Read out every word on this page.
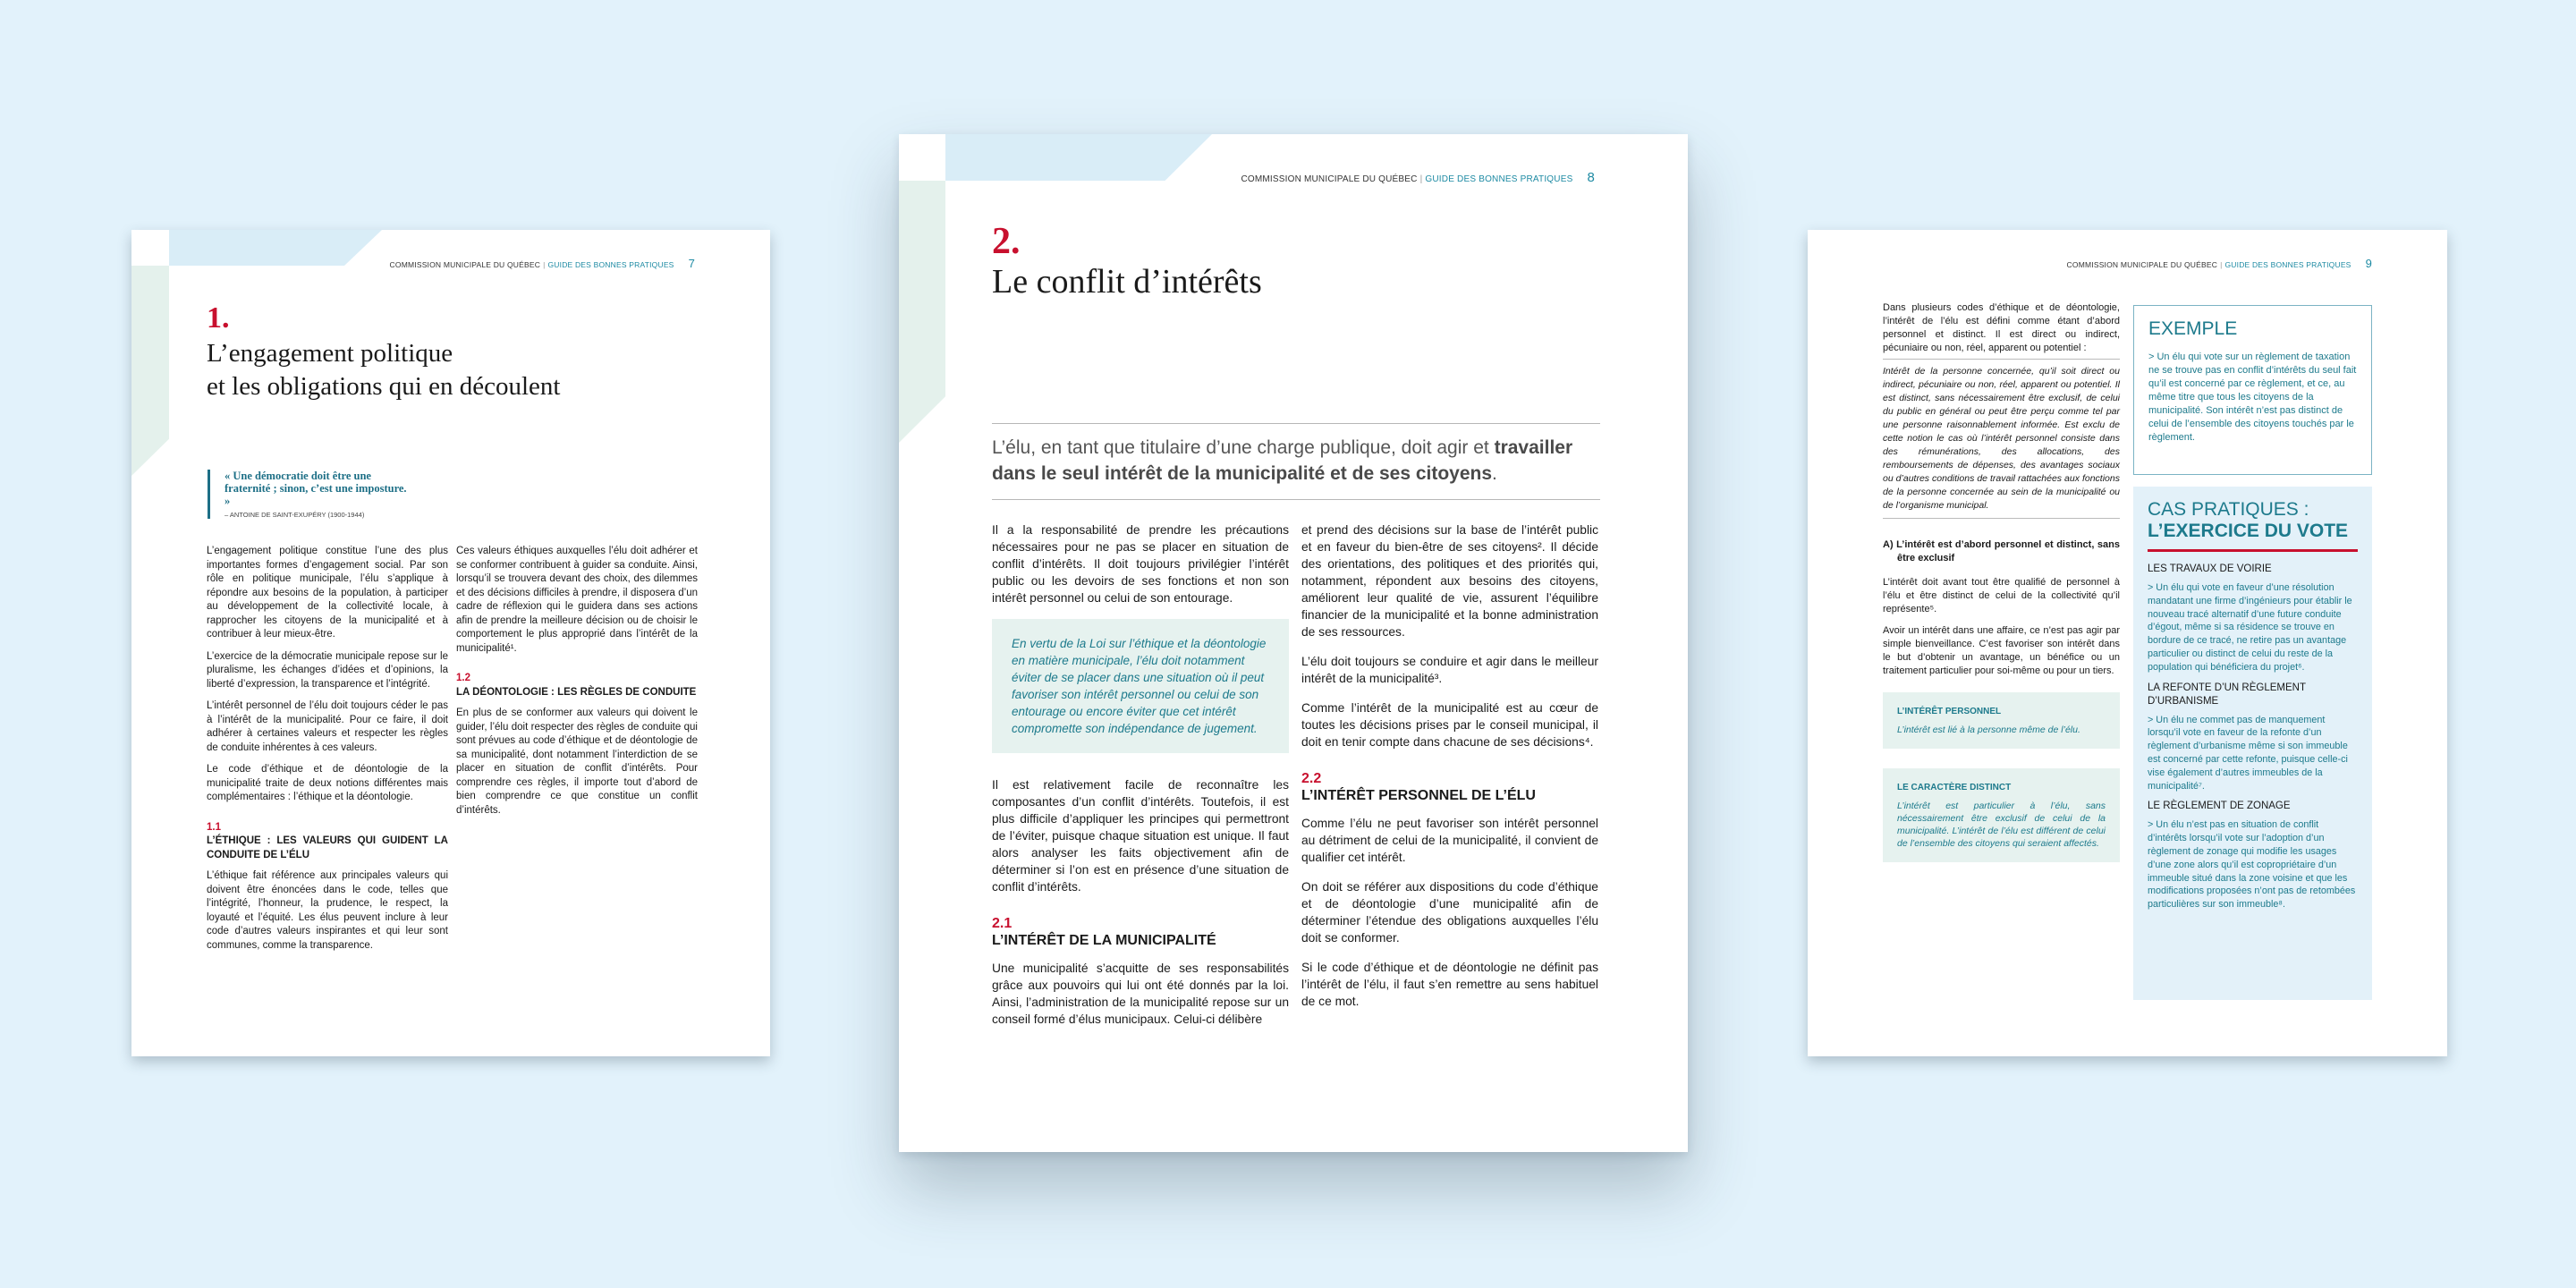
COMMISSION MUNICIPALE DU QUÉBEC | GUIDE DES BONNES PRATIQUES 7
1.
L’engagement politique
et les obligations qui en découlent
« Une démocratie doit être une fraternité ; sinon, c’est une imposture. »
– ANTOINE DE SAINT-EXUPÉRY (1900-1944)

L’engagement politique constitue l’une des plus importantes formes d’engagement social. Par son rôle en politique municipale, l’élu s’applique à répondre aux besoins de la population, à participer au développement de la collectivité locale, à rapprocher les citoyens de la municipalité et à contribuer à leur mieux-être.

L’exercice de la démocratie municipale repose sur le pluralisme, les échanges d’idées et d’opinions, la liberté d’expression, la transparence et l’intégrité.

L’intérêt personnel de l’élu doit toujours céder le pas à l’intérêt de la municipalité. Pour ce faire, il doit adhérer à certaines valeurs et respecter les règles de conduite inhérentes à ces valeurs.

Le code d’éthique et de déontologie de la municipalité traite de deux notions différentes mais complémentaires : l’éthique et la déontologie.

1.1
L’ÉTHIQUE : LES VALEURS QUI GUIDENT LA CONDUITE DE L’ÉLU

L’éthique fait référence aux principales valeurs qui doivent être énoncées dans le code, telles que l’intégrité, l’honneur, la prudence, le respect, la loyauté et l’équité. Les élus peuvent inclure à leur code d’autres valeurs inspirantes et qui leur sont communes, comme la transparence.

Ces valeurs éthiques auxquelles l’élu doit adhérer et se conformer contribuent à guider sa conduite. Ainsi, lorsqu’il se trouvera devant des choix, des dilemmes et des décisions difficiles à prendre, il disposera d’un cadre de réflexion qui le guidera dans ses actions afin de prendre la meilleure décision ou de choisir le comportement le plus approprié dans l’intérêt de la municipalité¹.

1.2
LA DÉONTOLOGIE : LES RÈGLES DE CONDUITE

En plus de se conformer aux valeurs qui doivent le guider, l’élu doit respecter des règles de conduite qui sont prévues au code d’éthique et de déontologie de sa municipalité, dont notamment l’interdiction de se placer en situation de conflit d’intérêts. Pour comprendre ces règles, il importe tout d’abord de bien comprendre ce que constitue un conflit d’intérêts.

COMMISSION MUNICIPALE DU QUÉBEC | GUIDE DES BONNES PRATIQUES 8
2.
Le conflit d’intérêts
L’élu, en tant que titulaire d’une charge publique, doit agir et travailler dans le seul intérêt de la municipalité et de ses citoyens.

Il a la responsabilité de prendre les précautions nécessaires pour ne pas se placer en situation de conflit d’intérêts. Il doit toujours privilégier l’intérêt public ou les devoirs de ses fonctions et non son intérêt personnel ou celui de son entourage.

En vertu de la Loi sur l’éthique et la déontologie en matière municipale, l’élu doit notamment éviter de se placer dans une situation où il peut favoriser son intérêt personnel ou celui de son entourage ou encore éviter que cet intérêt compromette son indépendance de jugement.

Il est relativement facile de reconnaître les composantes d’un conflit d’intérêts. Toutefois, il est plus difficile d’appliquer les principes qui permettront de l’éviter, puisque chaque situation est unique. Il faut alors analyser les faits objectivement afin de déterminer si l’on est en présence d’une situation de conflit d’intérêts.

2.1
L’INTÉRÊT DE LA MUNICIPALITÉ

Une municipalité s’acquitte de ses responsabilités grâce aux pouvoirs qui lui ont été donnés par la loi. Ainsi, l’administration de la municipalité repose sur un conseil formé d’élus municipaux. Celui-ci délibère

et prend des décisions sur la base de l’intérêt public et en faveur du bien-être de ses citoyens². Il décide des orientations, des politiques et des priorités qui, notamment, répondent aux besoins des citoyens, améliorent leur qualité de vie, assurent l’équilibre financier de la municipalité et la bonne administration de ses ressources.

L’élu doit toujours se conduire et agir dans le meilleur intérêt de la municipalité³.

Comme l’intérêt de la municipalité est au cœur de toutes les décisions prises par le conseil municipal, il doit en tenir compte dans chacune de ses décisions⁴.

2.2
L’INTÉRÊT PERSONNEL DE L’ÉLU

Comme l’élu ne peut favoriser son intérêt personnel au détriment de celui de la municipalité, il convient de qualifier cet intérêt.

On doit se référer aux dispositions du code d’éthique et de déontologie d’une municipalité afin de déterminer l’étendue des obligations auxquelles l’élu doit se conformer.

Si le code d’éthique et de déontologie ne définit pas l’intérêt de l’élu, il faut s’en remettre au sens habituel de ce mot.

COMMISSION MUNICIPALE DU QUÉBEC | GUIDE DES BONNES PRATIQUES 9

Dans plusieurs codes d’éthique et de déontologie, l’intérêt de l’élu est défini comme étant d’abord personnel et distinct. Il est direct ou indirect, pécuniaire ou non, réel, apparent ou potentiel :

Intérêt de la personne concernée, qu’il soit direct ou indirect, pécuniaire ou non, réel, apparent ou potentiel. Il est distinct, sans nécessairement être exclusif, de celui du public en général ou peut être perçu comme tel par une personne raisonnablement informée. Est exclu de cette notion le cas où l’intérêt personnel consiste dans des rémunérations, des allocations, des remboursements de dépenses, des avantages sociaux ou d’autres conditions de travail rattachées aux fonctions de la personne concernée au sein de la municipalité ou de l’organisme municipal.

A) L’intérêt est d’abord personnel et distinct, sans être exclusif

L’intérêt doit avant tout être qualifié de personnel à l’élu et être distinct de celui de la collectivité qu’il représente⁵.

Avoir un intérêt dans une affaire, ce n’est pas agir par simple bienveillance. C’est favoriser son intérêt dans le but d’obtenir un avantage, un bénéfice ou un traitement particulier pour soi-même ou pour un tiers.

L’INTÉRÊT PERSONNEL
L’intérêt est lié à la personne même de l’élu.
LE CARACTÈRE DISTINCT
L’intérêt est particulier à l’élu, sans nécessairement être exclusif de celui de la municipalité. L’intérêt de l’élu est différent de celui de l’ensemble des citoyens qui seraient affectés.
EXEMPLE
> Un élu qui vote sur un règlement de taxation ne se trouve pas en conflit d’intérêts du seul fait qu’il est concerné par ce règlement, et ce, au même titre que tous les citoyens de la municipalité. Son intérêt n’est pas distinct de celui de l’ensemble des citoyens touchés par le règlement.
CAS PRATIQUES :
L’EXERCICE DU VOTE
LES TRAVAUX DE VOIRIE
> Un élu qui vote en faveur d’une résolution mandatant une firme d’ingénieurs pour établir le nouveau tracé alternatif d’une future conduite d’égout, même si sa résidence se trouve en bordure de ce tracé, ne retire pas un avantage particulier ou distinct de celui du reste de la population qui bénéficiera du projet⁶.
LA REFONTE D’UN RÈGLEMENT D’URBANISME
> Un élu ne commet pas de manquement lorsqu’il vote en faveur de la refonte d’un règlement d’urbanisme même si son immeuble est concerné par cette refonte, puisque celle-ci vise également d’autres immeubles de la municipalité⁷.
LE RÈGLEMENT DE ZONAGE
> Un élu n’est pas en situation de conflit d’intérêts lorsqu’il vote sur l’adoption d’un règlement de zonage qui modifie les usages d’une zone alors qu’il est copropriétaire d’un immeuble situé dans la zone voisine et que les modifications proposées n’ont pas de retombées particulières sur son immeuble⁸.
